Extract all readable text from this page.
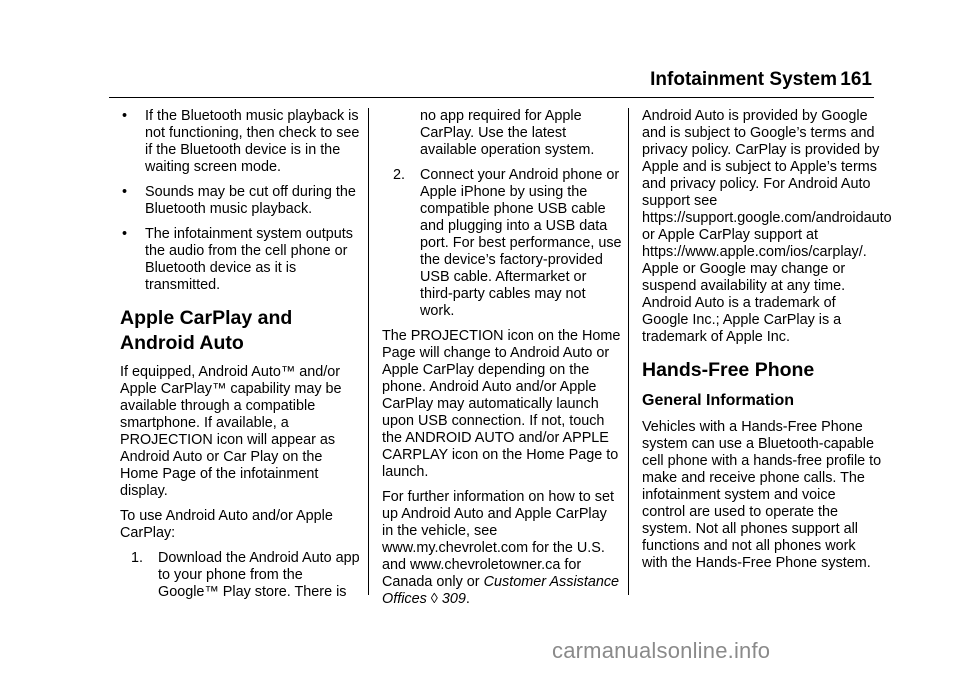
Infotainment System 161
• If the Bluetooth music playback is not functioning, then check to see if the Bluetooth device is in the waiting screen mode.
• Sounds may be cut off during the Bluetooth music playback.
• The infotainment system outputs the audio from the cell phone or Bluetooth device as it is transmitted.
Apple CarPlay and Android Auto

If equipped, Android Auto™ and/or Apple CarPlay™ capability may be available through a compatible smartphone. If available, a PROJECTION icon will appear as Android Auto or Car Play on the Home Page of the infotainment display.

To use Android Auto and/or Apple CarPlay:

1. Download the Android Auto app to your phone from the Google™ Play store. There is
no app required for Apple CarPlay. Use the latest available operation system.
2. Connect your Android phone or Apple iPhone by using the compatible phone USB cable and plugging into a USB data port. For best performance, use the device’s factory-provided USB cable. Aftermarket or third-party cables may not work.

The PROJECTION icon on the Home Page will change to Android Auto or Apple CarPlay depending on the phone. Android Auto and/or Apple CarPlay may automatically launch upon USB connection. If not, touch the ANDROID AUTO and/or APPLE CARPLAY icon on the Home Page to launch.

For further information on how to set up Android Auto and Apple CarPlay in the vehicle, see www.my.chevrolet.com for the U.S. and www.chevroletowner.ca for Canada only or Customer Assistance Offices ◊ 309.

Android Auto is provided by Google and is subject to Google’s terms and privacy policy. CarPlay is provided by Apple and is subject to Apple’s terms and privacy policy. For Android Auto support see https://support.google.com/androidauto or Apple CarPlay support at https://www.apple.com/ios/carplay/. Apple or Google may change or suspend availability at any time. Android Auto is a trademark of Google Inc.; Apple CarPlay is a trademark of Apple Inc.

Hands-Free Phone
General Information

Vehicles with a Hands-Free Phone system can use a Bluetooth-capable cell phone with a hands-free profile to make and receive phone calls. The infotainment system and voice control are used to operate the system. Not all phones support all functions and not all phones work with the Hands-Free Phone system.

carmanualsonline.info
